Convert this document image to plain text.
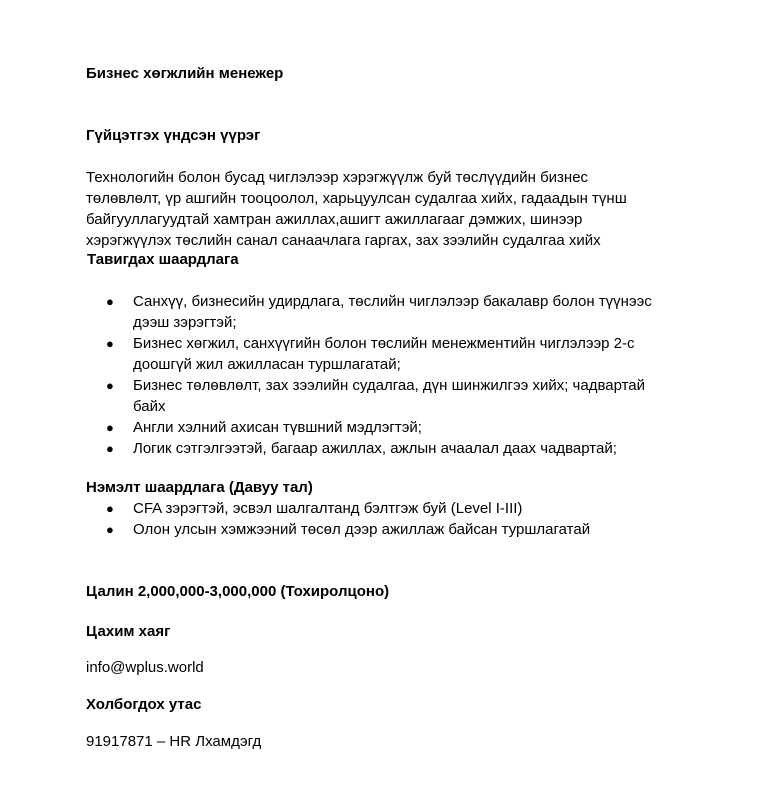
Бизнес хөгжлийн менежер
Гүйцэтгэх үндсэн үүрэг
Технологийн болон бусад чиглэлээр хэрэгжүүлж буй төслүүдийн бизнес
төлөвлөлт, үр ашгийн тооцоолол, харьцуулсан судалгаа хийх, гадаадын түнш
байгууллагуудтай хамтран ажиллах,ашигт ажиллагааг дэмжих, шинээр
хэрэгжүүлэх төслийн санал санаачлага гаргах, зах зээлийн судалгаа хийх
Тавигдах шаардлага
●	Санхүү, бизнесийн удирдлага, төслийн чиглэлээр бакалавр болон түүнээс
дээш зэрэгтэй;
●	Бизнес хөгжил, санхүүгийн болон төслийн менежментийн чиглэлээр 2-с
доошгүй жил ажилласан туршлагатай;
●	Бизнес төлөвлөлт, зах зээлийн судалгаа, дүн шинжилгээ хийх; чадвартай
байх
●	Англи хэлний ахисан түвшний мэдлэгтэй;
●	Логик сэтгэлгээтэй, багаар ажиллах, ажлын ачаалал даах чадвартай;
Нэмэлт шаардлага (Давуу тал)
●	CFA зэрэгтэй, эсвэл шалгалтанд бэлтгэж буй (Level I-III)
●	Олон улсын хэмжээний төсөл дээр ажиллаж байсан туршлагатай
Цалин 2,000,000-3,000,000 (Тохиролцоно)
Цахим хаяг
info@wplus.world
Холбогдох утас
91917871 – HR Лхамдэгд
